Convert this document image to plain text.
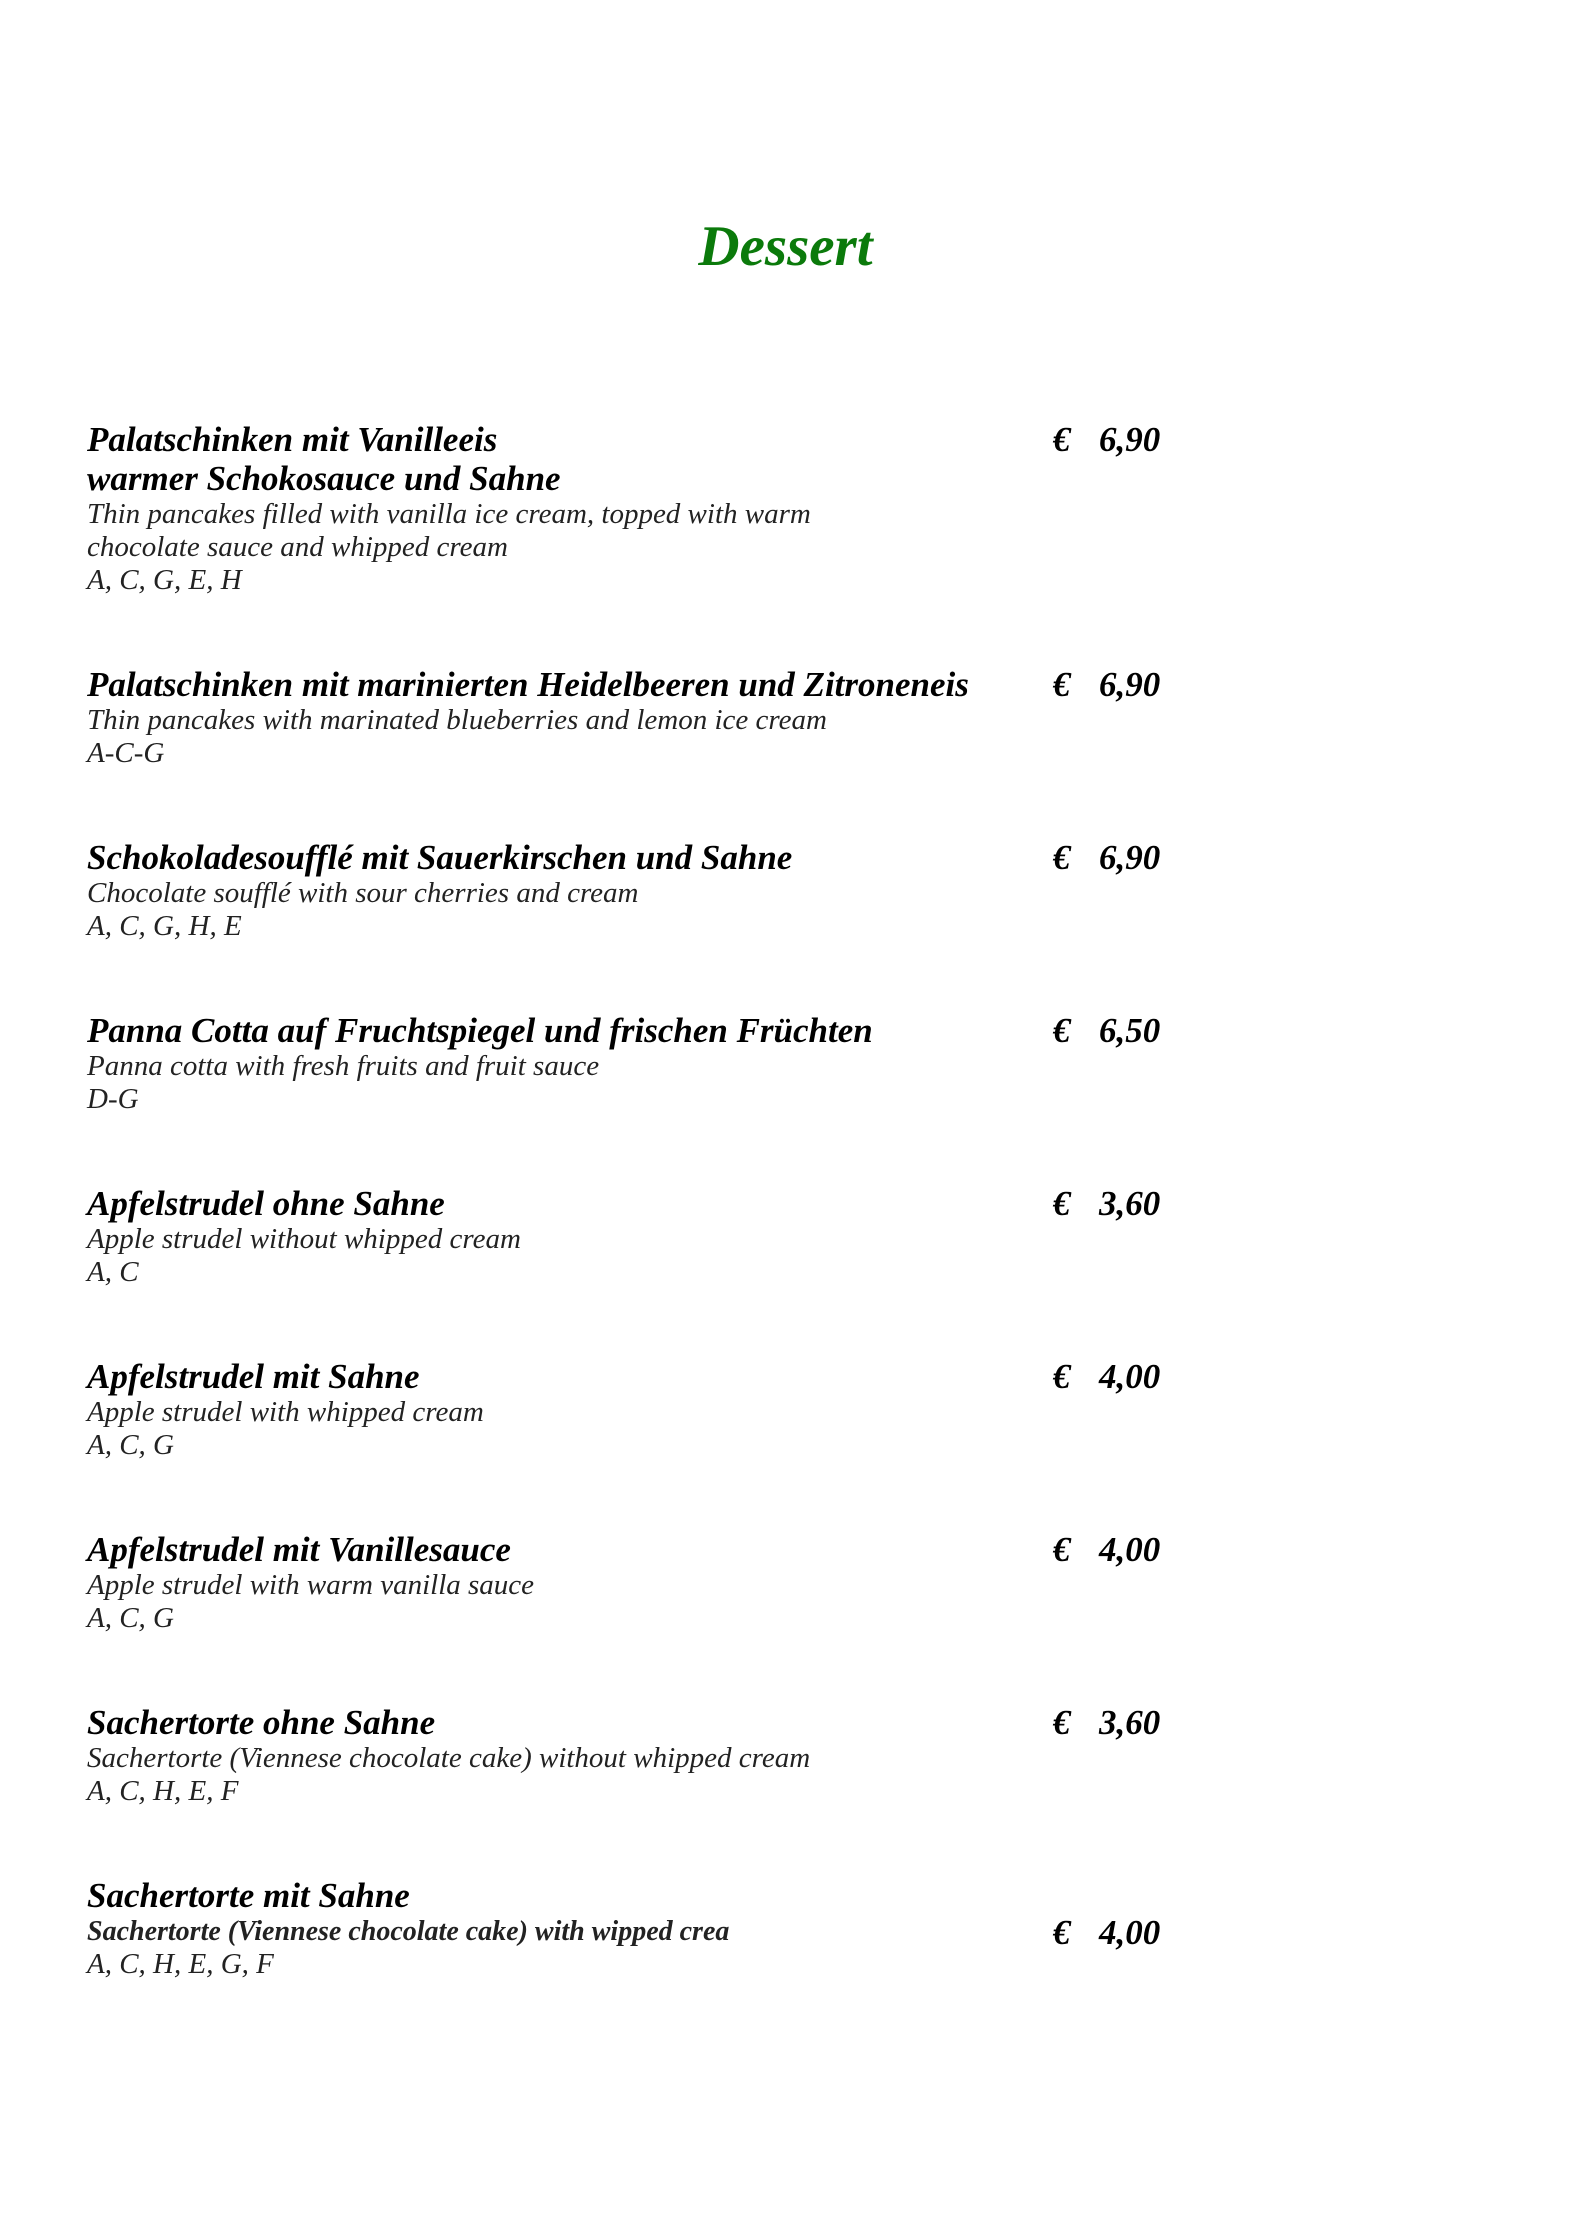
Dessert
Palatschinken mit Vanilleeis
warmer Schokosauce und Sahne
Thin pancakes filled with vanilla ice cream, topped with warm
chocolate sauce and whipped cream
A, C, G, E, H
€ 6,90
Palatschinken mit marinierten Heidelbeeren und Zitroneneis
Thin pancakes with marinated blueberries and lemon ice cream
A-C-G
€ 6,90
Schokoladesoufflé mit Sauerkirschen und Sahne
Chocolate soufflé with sour cherries and cream
A, C, G, H, E
€ 6,90
Panna Cotta auf Fruchtspiegel und frischen Früchten
Panna cotta with fresh fruits and fruit sauce
D-G
€ 6,50
Apfelstrudel ohne Sahne
Apple strudel without whipped cream
A, C
€ 3,60
Apfelstrudel mit Sahne
Apple strudel with whipped cream
A, C, G
€ 4,00
Apfelstrudel mit Vanillesauce
Apple strudel with warm vanilla sauce
A, C, G
€ 4,00
Sachertorte ohne Sahne
Sachertorte (Viennese chocolate cake) without whipped cream
A, C, H, E, F
€ 3,60
Sachertorte mit Sahne
Sachertorte (Viennese chocolate cake) with wipped crea
A, C, H, E, G, F
€ 4,00
